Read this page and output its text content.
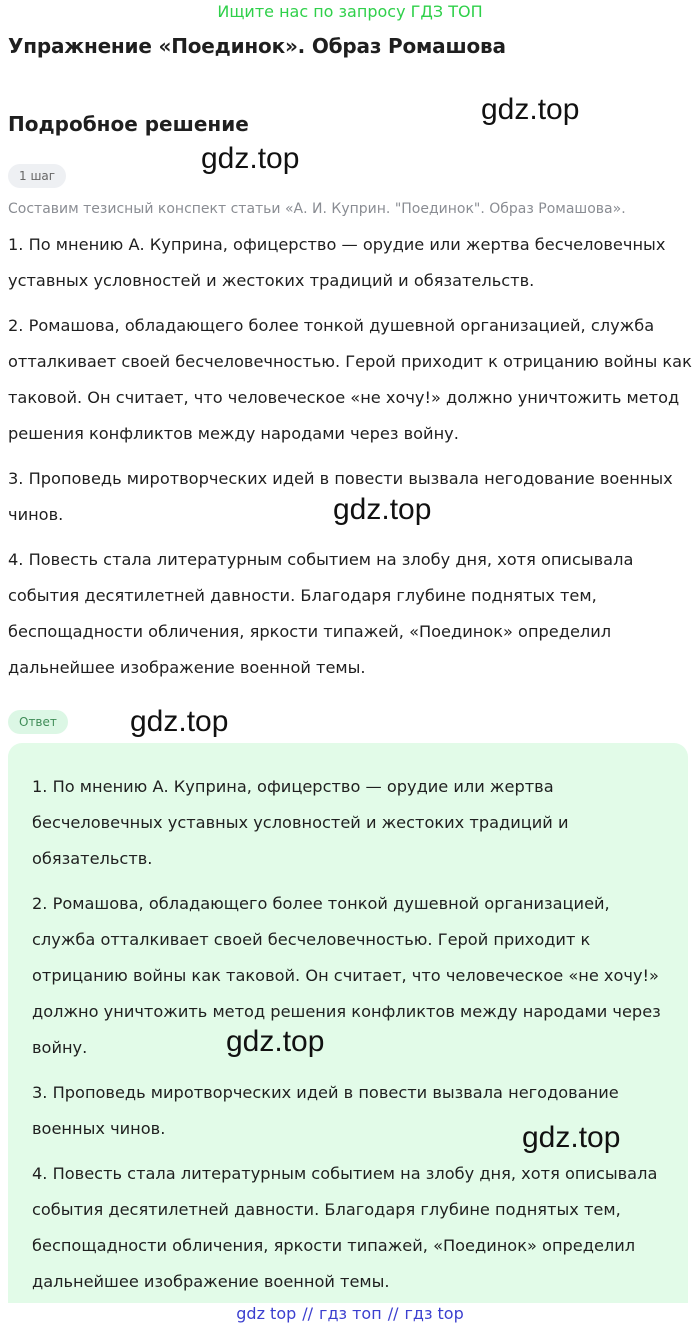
Ищите нас по запросу ГДЗ ТОП
Упражнение «Поединок». Образ Ромашова
Подробное решение	gdz.top
gdz.top
1 шаг
Составим тезисный конспект статьи «А. И. Куприн. "Поединок". Образ Ромашова».

1. По мнению А. Куприна, офицерство — орудие или жертва бесчеловечных уставных условностей и жестоких традиций и обязательств.

2. Ромашова, обладающего более тонкой душевной организацией, служба отталкивает своей бесчеловечностью. Герой приходит к отрицанию войны как таковой. Он считает, что человеческое «не хочу!» должно уничтожить метод решения конфликтов между народами через войну.

3. Проповедь миротворческих идей в повести вызвала негодование военных чинов.

4. Повесть стала литературным событием на злобу дня, хотя описывала события десятилетней давности. Благодаря глубине поднятых тем, беспощадности обличения, яркости типажей, «Поединок» определил дальнейшее изображение военной темы.

gdz.top
Ответ	gdz.top

1. По мнению А. Куприна, офицерство — орудие или жертва бесчеловечных уставных условностей и жестоких традиций и обязательств.

2. Ромашова, обладающего более тонкой душевной организацией, служба отталкивает своей бесчеловечностью. Герой приходит к отрицанию войны как таковой. Он считает, что человеческое «не хочу!» должно уничтожить метод решения конфликтов между народами через войну.

3. Проповедь миротворческих идей в повести вызвала негодование военных чинов.

4. Повесть стала литературным событием на злобу дня, хотя описывала события десятилетней давности. Благодаря глубине поднятых тем, беспощадности обличения, яркости типажей, «Поединок» определил дальнейшее изображение военной темы.

gdz.top
gdz.top
gdz top // гдз топ // гдз top
